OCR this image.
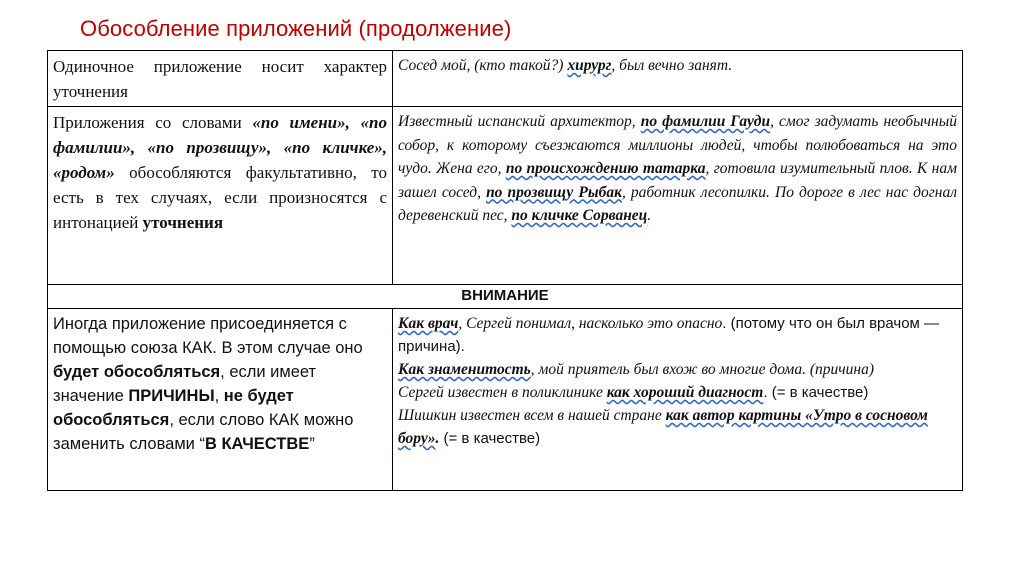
Обособление приложений (продолжение)
Одиночное приложение носит характер уточнения	Сосед мой, (кто такой?) хирург, был вечно занят.
Приложения со словами «по имени», «по фамилии», «по прозвищу», «по кличке», «родом» обособляются факультативно, то есть в тех случаях, если произносятся с интонацией уточнения	Известный испанский архитектор, по фамилии Гауди, смог задумать необычный собор, к которому съезжаются миллионы людей, чтобы полюбоваться на это чудо. Жена его, по происхождению татарка, готовила изумительный плов. К нам зашел сосед, по прозвищу Рыбак, работник лесопилки. По дороге в лес нас догнал деревенский пес, по кличке Сорванец.
ВНИМАНИЕ	
Иногда приложение присоединяется с помощью союза КАК. В этом случае оно будет обособляться, если имеет значение ПРИЧИНЫ, не будет обособляться, если слово КАК можно заменить словами “В КАЧЕСТВЕ”	Как врач, Сергей понимал, насколько это опасно. (потому что он был врачом — причина).
Как знаменитость, мой приятель был вхож во многие дома. (причина)
Сергей известен в поликлинике как хороший диагност. (= в качестве)
Шишкин известен всем в нашей стране как автор картины «Утро в сосновом бору». (= в качестве)
